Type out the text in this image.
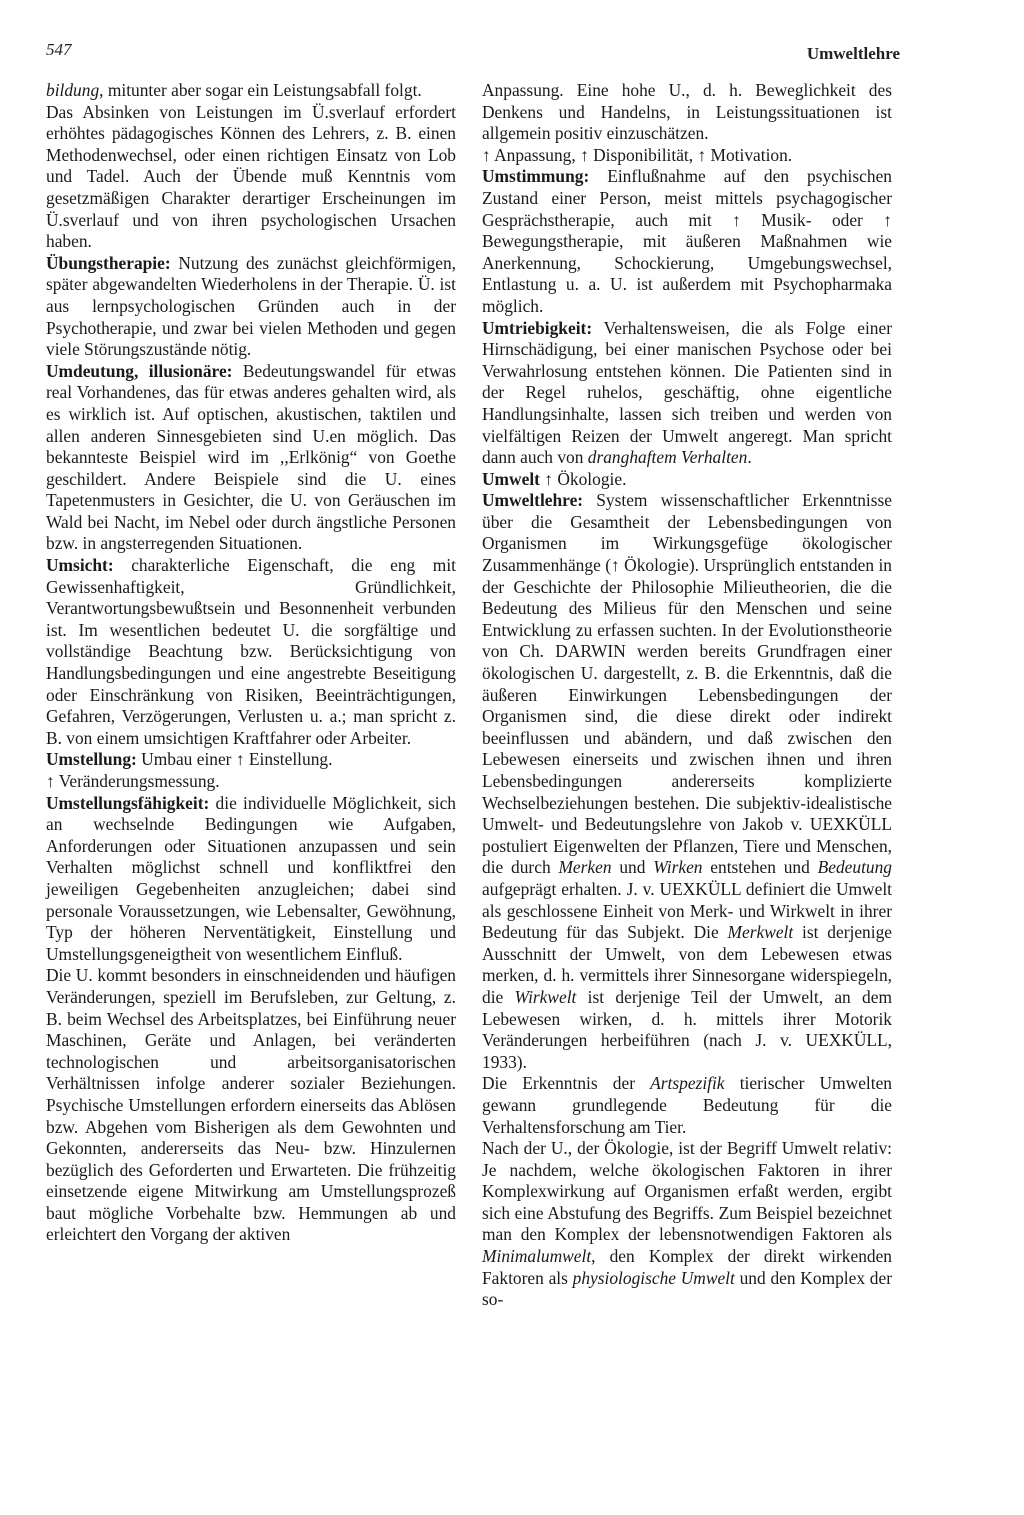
547	Umweltlehre

bildung, mitunter aber sogar ein Leistungsabfall folgt.

Das Absinken von Leistungen im Ü.sverlauf erfordert erhöhtes pädagogisches Können des Lehrers, z. B. einen Methodenwechsel, oder einen richtigen Einsatz von Lob und Tadel. Auch der Übende muß Kenntnis vom gesetzmäßigen Charakter derartiger Erscheinungen im Ü.sverlauf und von ihren psychologischen Ursachen haben.

Übungstherapie: Nutzung des zunächst gleichförmigen, später abgewandelten Wiederholens in der Therapie. Ü. ist aus lernpsychologischen Gründen auch in der Psychotherapie, und zwar bei vielen Methoden und gegen viele Störungszustände nötig.

Umdeutung, illusionäre: Bedeutungswandel für etwas real Vorhandenes, das für etwas anderes gehalten wird, als es wirklich ist. Auf optischen, akustischen, taktilen und allen anderen Sinnesgebieten sind U.en möglich. Das bekannteste Beispiel wird im ,,Erlkönig“ von Goethe geschildert. Andere Beispiele sind die U. eines Tapetenmusters in Gesichter, die U. von Geräuschen im Wald bei Nacht, im Nebel oder durch ängstliche Personen bzw. in angsterregenden Situationen.

Umsicht: charakterliche Eigenschaft, die eng mit Gewissenhaftigkeit, Gründlichkeit, Verantwortungsbewußtsein und Besonnenheit verbunden ist. Im wesentlichen bedeutet U. die sorgfältige und vollständige Beachtung bzw. Berücksichtigung von Handlungsbedingungen und eine angestrebte Beseitigung oder Einschränkung von Risiken, Beeinträchtigungen, Gefahren, Verzögerungen, Verlusten u. a.; man spricht z. B. von einem umsichtigen Kraftfahrer oder Arbeiter.

Umstellung: Umbau einer ↑ Einstellung.

↑ Veränderungsmessung.

Umstellungsfähigkeit: die individuelle Möglichkeit, sich an wechselnde Bedingungen wie Aufgaben, Anforderungen oder Situationen anzupassen und sein Verhalten möglichst schnell und konfliktfrei den jeweiligen Gegebenheiten anzugleichen; dabei sind personale Voraussetzungen, wie Lebensalter, Gewöhnung, Typ der höheren Nerventätigkeit, Einstellung und Umstellungsgeneigtheit von wesentlichem Einfluß.

Die U. kommt besonders in einschneidenden und häufigen Veränderungen, speziell im Berufsleben, zur Geltung, z. B. beim Wechsel des Arbeitsplatzes, bei Einführung neuer Maschinen, Geräte und Anlagen, bei veränderten technologischen und arbeitsorganisatorischen Verhältnissen infolge anderer sozialer Beziehungen. Psychische Umstellungen erfordern einerseits das Ablösen bzw. Abgehen vom Bisherigen als dem Gewohnten und Gekonnten, andererseits das Neu- bzw. Hinzulernen bezüglich des Geforderten und Erwarteten. Die frühzeitig einsetzende eigene Mitwirkung am Umstellungsprozeß baut mögliche Vorbehalte bzw. Hemmungen ab und erleichtert den Vorgang der aktiven

Anpassung. Eine hohe U., d. h. Beweglichkeit des Denkens und Handelns, in Leistungssituationen ist allgemein positiv einzuschätzen.

↑ Anpassung, ↑ Disponibilität, ↑ Motivation.

Umstimmung: Einflußnahme auf den psychischen Zustand einer Person, meist mittels psychagogischer Gesprächstherapie, auch mit ↑ Musik- oder ↑ Bewegungstherapie, mit äußeren Maßnahmen wie Anerkennung, Schockierung, Umgebungswechsel, Entlastung u. a. U. ist außerdem mit Psychopharmaka möglich.

Umtriebigkeit: Verhaltensweisen, die als Folge einer Hirnschädigung, bei einer manischen Psychose oder bei Verwahrlosung entstehen können. Die Patienten sind in der Regel ruhelos, geschäftig, ohne eigentliche Handlungsinhalte, lassen sich treiben und werden von vielfältigen Reizen der Umwelt angeregt. Man spricht dann auch von dranghaftem Verhalten.

Umwelt ↑ Ökologie.

Umweltlehre: System wissenschaftlicher Erkenntnisse über die Gesamtheit der Lebensbedingungen von Organismen im Wirkungsgefüge ökologischer Zusammenhänge (↑ Ökologie). Ursprünglich entstanden in der Geschichte der Philosophie Milieutheorien, die die Bedeutung des Milieus für den Menschen und seine Entwicklung zu erfassen suchten. In der Evolutionstheorie von Ch. DARWIN werden bereits Grundfragen einer ökologischen U. dargestellt, z. B. die Erkenntnis, daß die äußeren Einwirkungen Lebensbedingungen der Organismen sind, die diese direkt oder indirekt beeinflussen und abändern, und daß zwischen den Lebewesen einerseits und zwischen ihnen und ihren Lebensbedingungen andererseits komplizierte Wechselbeziehungen bestehen. Die subjektiv-idealistische Umwelt- und Bedeutungslehre von Jakob v. UEXKÜLL postuliert Eigenwelten der Pflanzen, Tiere und Menschen, die durch Merken und Wirken entstehen und Bedeutung aufgeprägt erhalten. J. v. UEXKÜLL definiert die Umwelt als geschlossene Einheit von Merk- und Wirkwelt in ihrer Bedeutung für das Subjekt. Die Merkwelt ist derjenige Ausschnitt der Umwelt, von dem Lebewesen etwas merken, d. h. vermittels ihrer Sinnesorgane widerspiegeln, die Wirkwelt ist derjenige Teil der Umwelt, an dem Lebewesen wirken, d. h. mittels ihrer Motorik Veränderungen herbeiführen (nach J. v. UEXKÜLL, 1933).

Die Erkenntnis der Artspezifik tierischer Umwelten gewann grundlegende Bedeutung für die Verhaltensforschung am Tier.

Nach der U., der Ökologie, ist der Begriff Umwelt relativ: Je nachdem, welche ökologischen Faktoren in ihrer Komplexwirkung auf Organismen erfaßt werden, ergibt sich eine Abstufung des Begriffs. Zum Beispiel bezeichnet man den Komplex der lebensnotwendigen Faktoren als Minimalumwelt, den Komplex der direkt wirkenden Faktoren als physiologische Umwelt und den Komplex der so-
